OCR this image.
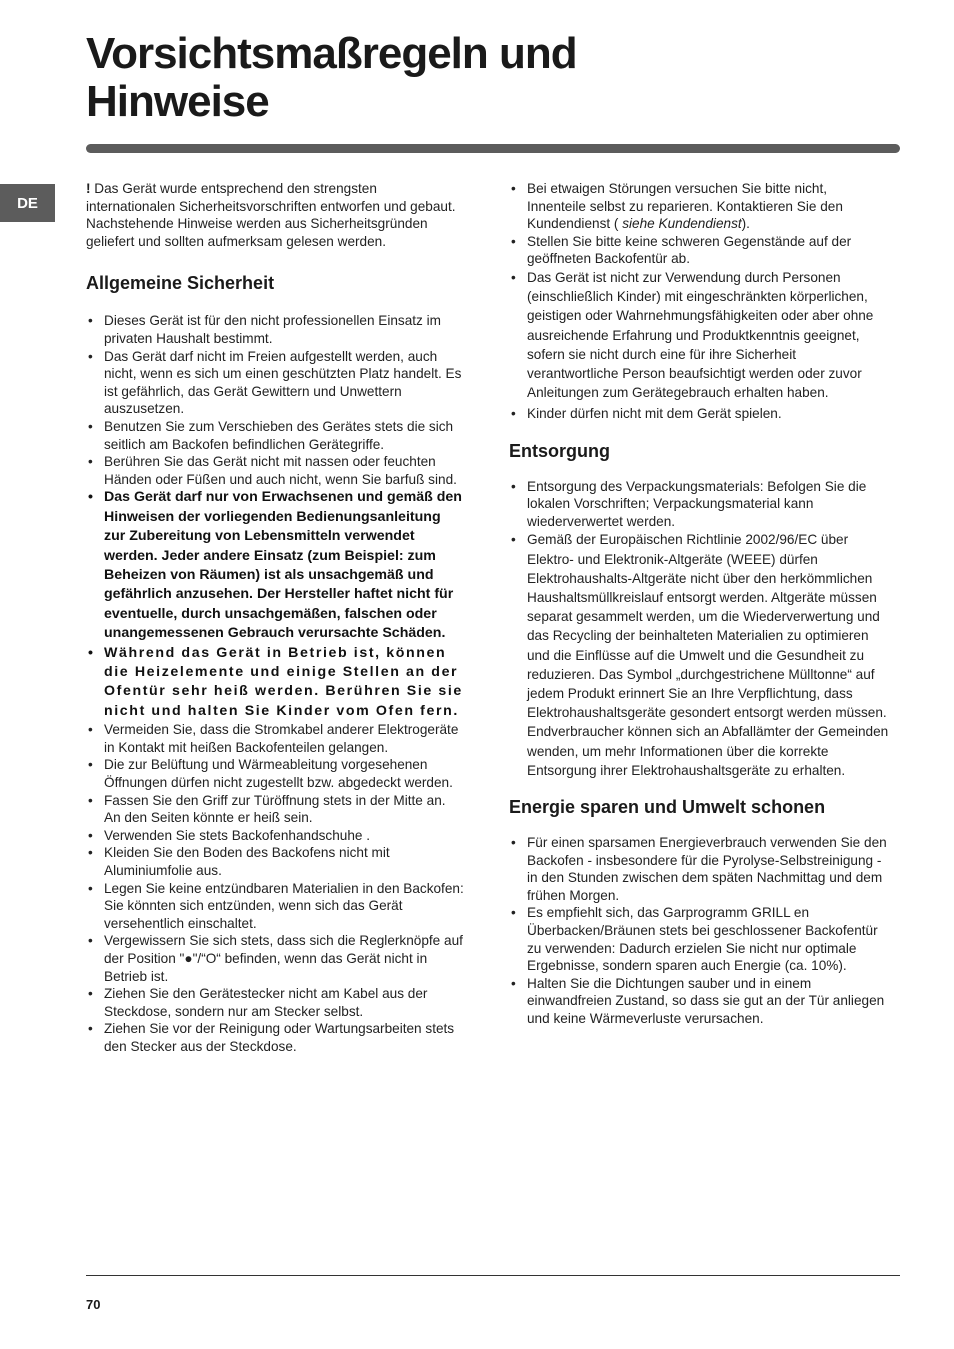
Vorsichtsmaßregeln und
Hinweise
DE

! Das Gerät wurde entsprechend den strengsten internationalen Sicherheitsvorschriften entworfen und gebaut. Nachstehende Hinweise werden aus Sicherheitsgründen geliefert und sollten aufmerksam gelesen werden.

Allgemeine Sicherheit
• Dieses Gerät ist für den nicht professionellen Einsatz im privaten Haushalt bestimmt.
• Das Gerät darf nicht im Freien aufgestellt werden, auch nicht, wenn es sich um einen geschützten Platz handelt. Es ist gefährlich, das Gerät Gewittern und Unwettern auszusetzen.
• Benutzen Sie zum Verschieben des Gerätes stets die sich seitlich am Backofen befindlichen Gerätegriffe.
• Berühren Sie das Gerät nicht mit nassen oder feuchten Händen oder Füßen und auch nicht, wenn Sie barfuß sind.
• Das Gerät darf nur von Erwachsenen und gemäß den Hinweisen der vorliegenden Bedienungsanleitung zur Zubereitung von Lebensmitteln verwendet werden. Jeder andere Einsatz (zum Beispiel: zum Beheizen von Räumen) ist als unsachgemäß und gefährlich anzusehen. Der Hersteller haftet nicht für eventuelle, durch unsachgemäßen, falschen oder unangemessenen Gebrauch verursachte Schäden.
• Während das Gerät in Betrieb ist, können die Heizelemente und einige Stellen an der Ofentür sehr heiß werden. Berühren Sie sie nicht und halten Sie Kinder vom Ofen fern.
• Vermeiden Sie, dass die Stromkabel anderer Elektrogeräte in Kontakt mit heißen Backofenteilen gelangen.
• Die zur Belüftung und Wärmeableitung vorgesehenen Öffnungen dürfen nicht zugestellt bzw. abgedeckt werden.
• Fassen Sie den Griff zur Türöffnung stets in der Mitte an. An den Seiten könnte er heiß sein.
• Verwenden Sie stets Backofenhandschuhe .
• Kleiden Sie den Boden des Backofens nicht mit Aluminiumfolie aus.
• Legen Sie keine entzündbaren Materialien in den Backofen: Sie könnten sich entzünden, wenn sich das Gerät versehentlich einschaltet.
• Vergewissern Sie sich stets, dass sich die Reglerknöpfe auf der Position "●"/“O“ befinden, wenn das Gerät nicht in Betrieb ist.
• Ziehen Sie den Gerätestecker nicht am Kabel aus der Steckdose, sondern nur am Stecker selbst.
• Ziehen Sie vor der Reinigung oder Wartungsarbeiten stets den Stecker aus der Steckdose.
• Bei etwaigen Störungen versuchen Sie bitte nicht, Innenteile selbst zu reparieren. Kontaktieren Sie den Kundendienst ( siehe Kundendienst).
• Stellen Sie bitte keine schweren Gegenstände auf der geöffneten Backofentür ab.
• Das Gerät ist nicht zur Verwendung durch Personen (einschließlich Kinder) mit eingeschränkten körperlichen, geistigen oder Wahrnehmungsfähigkeiten oder aber ohne ausreichende Erfahrung und Produktkenntnis geeignet, sofern sie nicht durch eine für ihre Sicherheit verantwortliche Person beaufsichtigt werden oder zuvor Anleitungen zum Gerätegebrauch erhalten haben.
• Kinder dürfen nicht mit dem Gerät spielen.
Entsorgung
• Entsorgung des Verpackungsmaterials: Befolgen Sie die lokalen Vorschriften; Verpackungsmaterial kann wiederverwertet werden.
• Gemäß der Europäischen Richtlinie 2002/96/EC über Elektro- und Elektronik-Altgeräte (WEEE) dürfen Elektrohaushalts-Altgeräte nicht über den herkömmlichen Haushaltsmüllkreislauf entsorgt werden. Altgeräte müssen separat gesammelt werden, um die Wiederverwertung und das Recycling der beinhalteten Materialien zu optimieren und die Einflüsse auf die Umwelt und die Gesundheit zu reduzieren. Das Symbol „durchgestrichene Mülltonne“ auf jedem Produkt erinnert Sie an Ihre Verpflichtung, dass Elektrohaushaltsgeräte gesondert entsorgt werden müssen.
Endverbraucher können sich an Abfallämter der Gemeinden wenden, um mehr Informationen über die korrekte Entsorgung ihrer Elektrohaushaltsgeräte zu erhalten.
Energie sparen und Umwelt schonen
• Für einen sparsamen Energieverbrauch verwenden Sie den Backofen - insbesondere für die Pyrolyse-Selbstreinigung - in den Stunden zwischen dem späten Nachmittag und dem frühen Morgen.
• Es empfiehlt sich, das Garprogramm GRILL en Überbacken/Bräunen stets bei geschlossener Backofentür zu verwenden: Dadurch erzielen Sie nicht nur optimale Ergebnisse, sondern sparen auch Energie (ca. 10%).
• Halten Sie die Dichtungen sauber und in einem einwandfreien Zustand, so dass sie gut an der Tür anliegen und keine Wärmeverluste verursachen.
70
